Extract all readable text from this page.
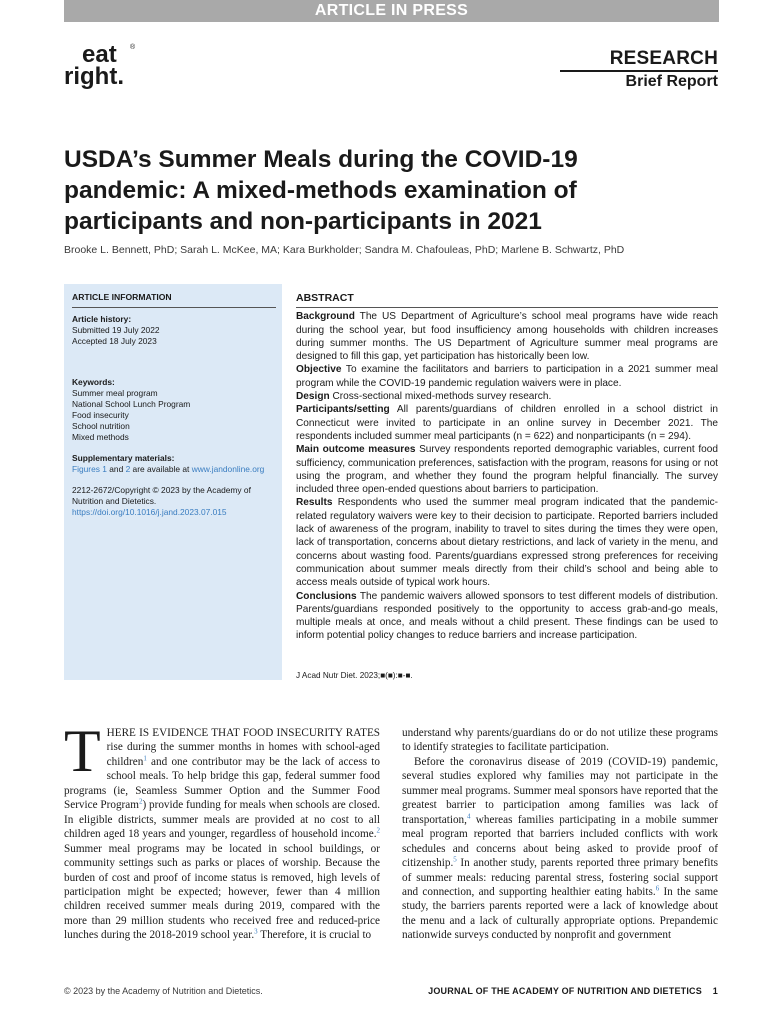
ARTICLE IN PRESS
eat ®
right.
RESEARCH
Brief Report
USDA’s Summer Meals during the COVID-19 pandemic: A mixed-methods examination of participants and non-participants in 2021
Brooke L. Bennett, PhD; Sarah L. McKee, MA; Kara Burkholder; Sandra M. Chafouleas, PhD; Marlene B. Schwartz, PhD
ARTICLE INFORMATION
Article history:
Submitted 19 July 2022
Accepted 18 July 2023
Keywords:
Summer meal program
National School Lunch Program
Food insecurity
School nutrition
Mixed methods
Supplementary materials:
Figures 1 and 2 are available at www.jandonline.org
2212-2672/Copyright © 2023 by the Academy of Nutrition and Dietetics.
https://doi.org/10.1016/j.jand.2023.07.015
ABSTRACT

Background The US Department of Agriculture’s school meal programs have wide reach during the school year, but food insufficiency among households with children increases during summer months. The US Department of Agriculture summer meal programs are designed to fill this gap, yet participation has historically been low.

Objective To examine the facilitators and barriers to participation in a 2021 summer meal program while the COVID-19 pandemic regulation waivers were in place.

Design Cross-sectional mixed-methods survey research.

Participants/setting All parents/guardians of children enrolled in a school district in Connecticut were invited to participate in an online survey in December 2021. The respondents included summer meal participants (n = 622) and nonparticipants (n = 294).

Main outcome measures Survey respondents reported demographic variables, current food sufficiency, communication preferences, satisfaction with the program, reasons for using or not using the program, and whether they found the program helpful financially. The survey included three open-ended questions about barriers to participation.

Results Respondents who used the summer meal program indicated that the pandemic-related regulatory waivers were key to their decision to participate. Reported barriers included lack of awareness of the program, inability to travel to sites during the times they were open, lack of transportation, concerns about dietary restrictions, and lack of variety in the menu, and concerns about wasting food. Parents/guardians expressed strong preferences for receiving communication about summer meals directly from their child’s school and being able to access meals outside of typical work hours.

Conclusions The pandemic waivers allowed sponsors to test different models of distribution. Parents/guardians responded positively to the opportunity to access grab-and-go meals, multiple meals at once, and meals without a child present. These findings can be used to inform potential policy changes to reduce barriers and increase participation.

J Acad Nutr Diet. 2023;■(■):■-■.

THERE IS EVIDENCE THAT FOOD INSECURITY RATES rise during the summer months in homes with school-aged children$^1$ and one contributor may be the lack of access to school meals. To help bridge this gap, federal summer food programs (ie, Seamless Summer Option and the Summer Food Service Program$^2$) provide funding for meals when schools are closed. In eligible districts, summer meals are provided at no cost to all children aged 18 years and younger, regardless of household income.$^2$ Summer meal programs may be located in school buildings, or community settings such as parks or places of worship. Because the burden of cost and proof of income status is removed, high levels of participation might be expected; however, fewer than 4 million children received summer meals during 2019, compared with the more than 29 million students who received free and reduced-price lunches during the 2018-2019 school year.$^3$ Therefore, it is crucial to

understand why parents/guardians do or do not utilize these programs to identify strategies to facilitate participation.

Before the coronavirus disease of 2019 (COVID-19) pandemic, several studies explored why families may not participate in the summer meal programs. Summer meal sponsors have reported that the greatest barrier to participation among families was lack of transportation,$^4$ whereas families participating in a mobile summer meal program reported that barriers included conflicts with work schedules and concerns about being asked to provide proof of citizenship.$^5$ In another study, parents reported three primary benefits of summer meals: reducing parental stress, fostering social support and connection, and supporting healthier eating habits.$^6$ In the same study, the barriers parents reported were a lack of knowledge about the menu and a lack of culturally appropriate options. Prepandemic nationwide surveys conducted by nonprofit and government

© 2023 by the Academy of Nutrition and Dietetics.	JOURNAL OF THE ACADEMY OF NUTRITION AND DIETETICS 1
